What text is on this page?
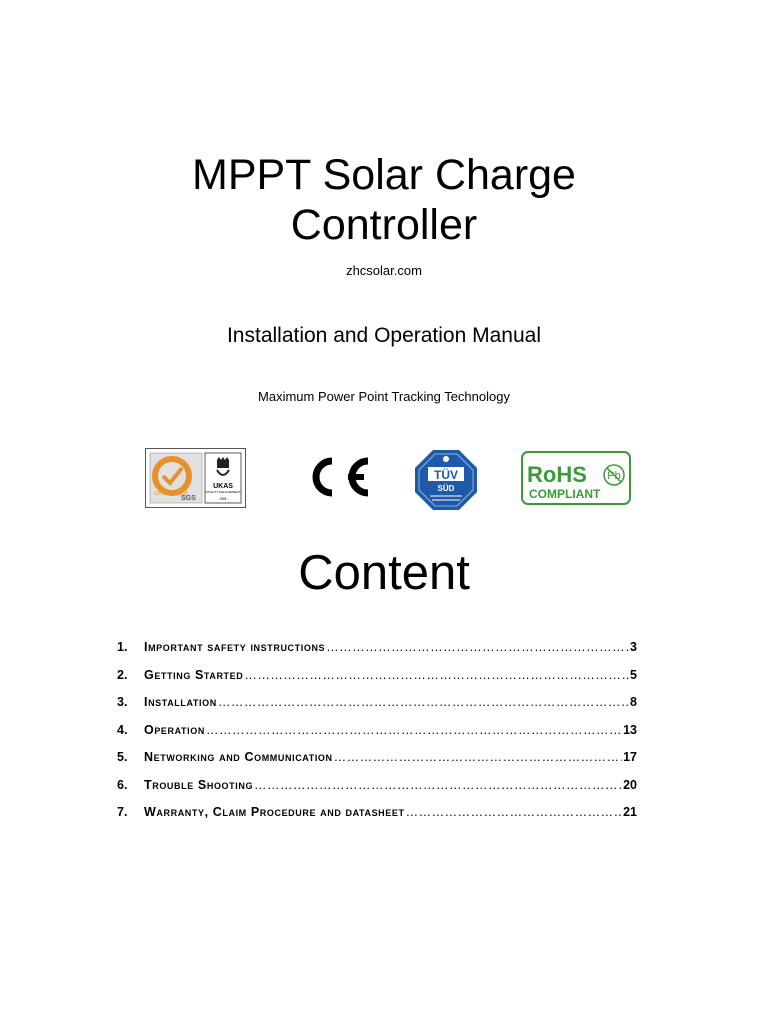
MPPT Solar Charge
Controller
zhcsolar.com
Installation and Operation Manual
Maximum Power Point Tracking Technology
ISO 9001:2008
SGS
UKAS
QUALITY MANAGEMENT
005
TÜV
SÜD
RoHS Pb
COMPLIANT
Content
1.	Important safety instructions ……………………………………………………………………………………………………………………………	3
2.	Getting Started ……………………………………………………………………………………………………………………………	5
3.	Installation ……………………………………………………………………………………………………………………………	8
4.	Operation ……………………………………………………………………………………………………………………………	13
5.	Networking and Communication ……………………………………………………………………………………………………………………………	17
6.	Trouble Shooting ……………………………………………………………………………………………………………………………	20
7.	Warranty, Claim Procedure and datasheet ……………………………………………………………………………………………………………………………	21
